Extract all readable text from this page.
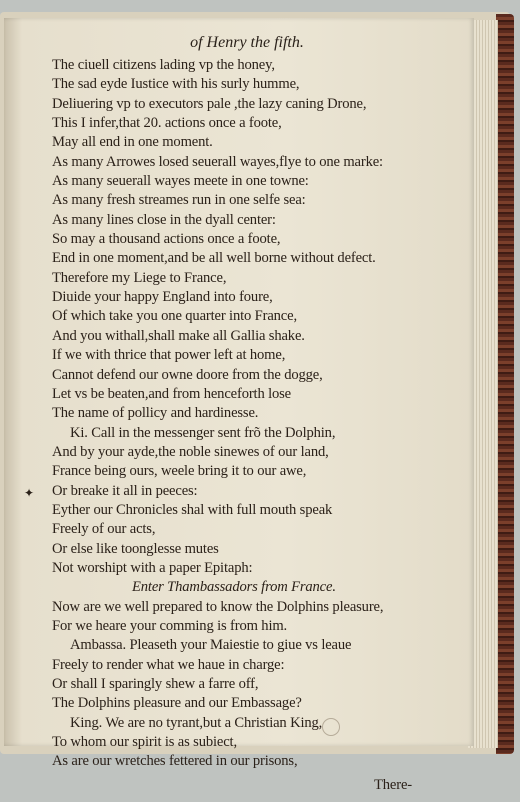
of Henry the fifth.
The ciuell citizens lading vp the honey,
The sad eyde Iustice with his surly humme,
Deliuering vp to executors pale ,the lazy caning Drone,
This I infer,that 20. actions once a foote,
May all end in one moment.
As many Arrowes losed seuerall wayes,flye to one marke:
As many seuerall wayes meete in one towne:
As many fresh streames run in one selfe sea:
As many lines close in the dyall center:
So may a thousand actions once a foote,
End in one moment,and be all well borne without defect.
Therefore my Liege to France,
Diuide your happy England into foure,
Of which take you one quarter into France,
And you withall,shall make all Gallia shake.
If we with thrice that power left at home,
Cannot defend our owne doore from the dogge,
Let vs be beaten,and from henceforth lose
The name of pollicy and hardinesse.
Ki. Call in the messenger sent frõ the Dolphin,
And by your ayde,the noble sinewes of our land,
France being ours, weele bring it to our awe,
Or breake it all in peeces:
Eyther our Chronicles shal with full mouth speak
Freely of our acts,
Or else like toonglesse mutes
Not worshipt with a paper Epitaph:
Enter Thambassadors from France.
Now are we well prepared to know the Dolphins pleasure,
For we heare your comming is from him.
Ambassa. Pleaseth your Maiestie to giue vs leaue
Freely to render what we haue in charge:
Or shall I sparingly shew a farre off,
The Dolphins pleasure and our Embassage?
King. We are no tyrant,but a Christian King,
To whom our spirit is as subiect,
As are our wretches fettered in our prisons,
There-
✦
